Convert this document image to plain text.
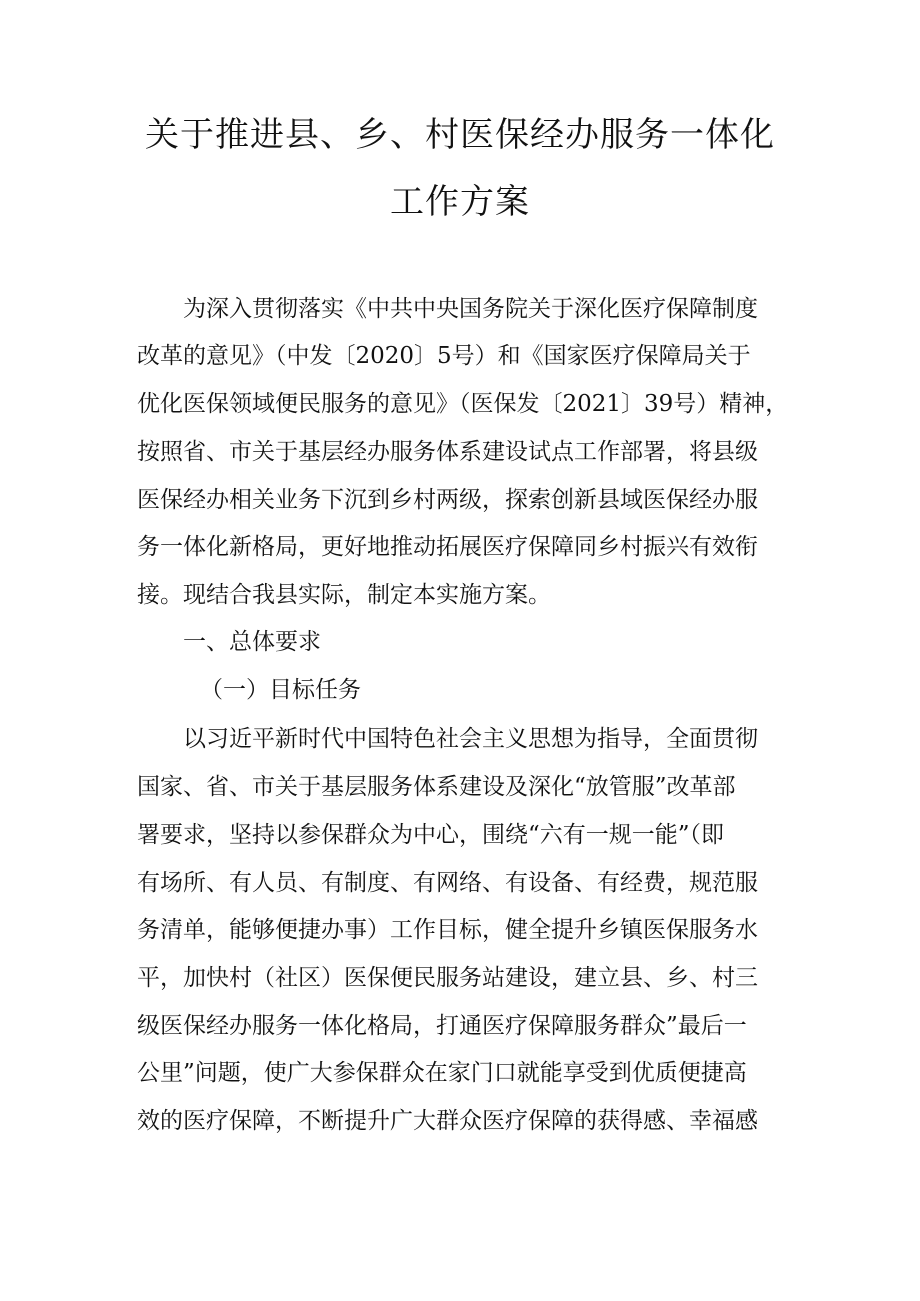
关于推进县、乡、村医保经办服务一体化
工作方案
为深入贯彻落实《中共中央国务院关于深化医疗保障制度
改革的意见》（中发〔2020〕5号）和《国家医疗保障局关于
优化医保领域便民服务的意见》（医保发〔2021〕39号）精神，
按照省、市关于基层经办服务体系建设试点工作部署，将县级
医保经办相关业务下沉到乡村两级，探索创新县域医保经办服
务一体化新格局，更好地推动拓展医疗保障同乡村振兴有效衔
接。现结合我县实际，制定本实施方案。
一、总体要求
（一）目标任务
以习近平新时代中国特色社会主义思想为指导，全面贯彻
国家、省、市关于基层服务体系建设及深化“放管服”改革部
署要求，坚持以参保群众为中心，围绕“六有一规一能”（即
有场所、有人员、有制度、有网络、有设备、有经费，规范服
务清单，能够便捷办事）工作目标，健全提升乡镇医保服务水
平，加快村（社区）医保便民服务站建设，建立县、乡、村三
级医保经办服务一体化格局，打通医疗保障服务群众”最后一
公里”问题，使广大参保群众在家门口就能享受到优质便捷高
效的医疗保障，不断提升广大群众医疗保障的获得感、幸福感
